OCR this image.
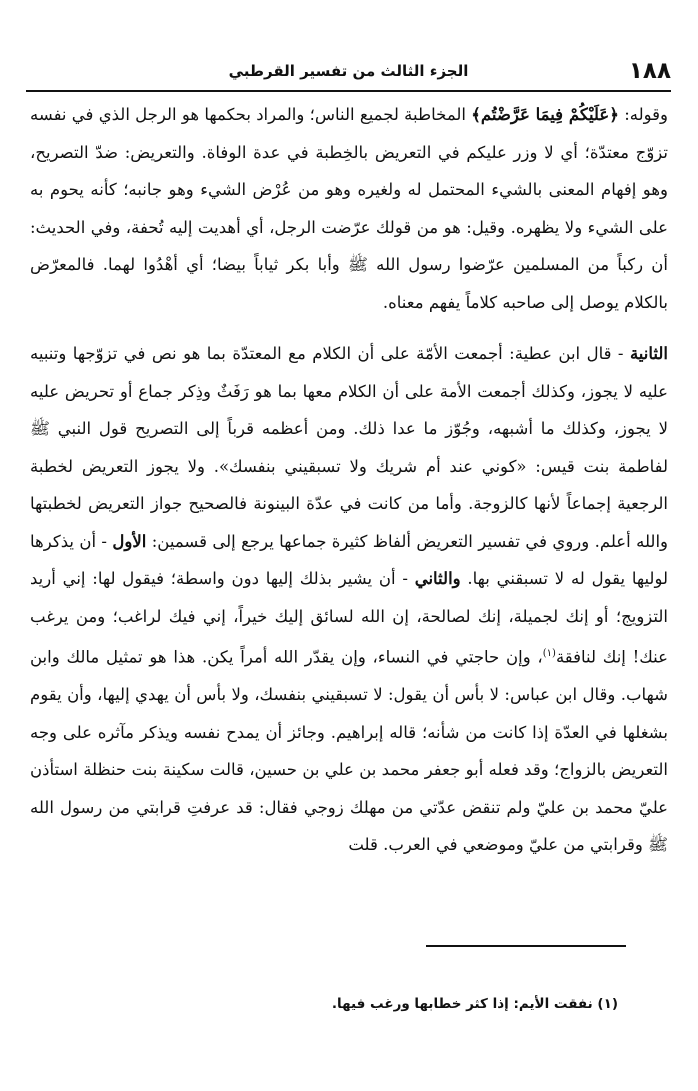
١٨٨
الجزء الثالث من تفسير القرطبي

وقوله: ﴿عَلَيْكُمْ فِيمَا عَرَّضْتُم﴾ المخاطبة لجميع الناس؛ والمراد بحكمها هو الرجل الذي في نفسه تزوّج معتدّة؛ أي لا وزر عليكم في التعريض بالخِطبة في عدة الوفاة. والتعريض: ضدّ التصريح، وهو إفهام المعنى بالشيء المحتمل له ولغيره وهو من عُرْض الشيء وهو جانبه؛ كأنه يحوم به على الشيء ولا يظهره. وقيل: هو من قولك عرّضت الرجل، أي أهديت إليه تُحفة، وفي الحديث: أن ركباً من المسلمين عرّضوا رسول الله ﷺ وأبا بكر ثياباً بيضا؛ أي أهْدُوا لهما. فالمعرّض بالكلام يوصل إلى صاحبه كلاماً يفهم معناه.

الثانية - قال ابن عطية: أجمعت الأمّة على أن الكلام مع المعتدّة بما هو نص في تزوّجها وتنبيه عليه لا يجوز، وكذلك أجمعت الأمة على أن الكلام معها بما هو رَفَثٌ وذِكر جماع أو تحريض عليه لا يجوز، وكذلك ما أشبهه، وجُوّز ما عدا ذلك. ومن أعظمه قرباً إلى التصريح قول النبي ﷺ لفاطمة بنت قيس: «كوني عند أم شريك ولا تسبقيني بنفسك». ولا يجوز التعريض لخطبة الرجعية إجماعاً لأنها كالزوجة. وأما من كانت في عدّة البينونة فالصحيح جواز التعريض لخطبتها والله أعلم. وروي في تفسير التعريض ألفاظ كثيرة جماعها يرجع إلى قسمين: الأول - أن يذكرها لوليها يقول له لا تسبقني بها. والثاني - أن يشير بذلك إليها دون واسطة؛ فيقول لها: إني أريد التزويج؛ أو إنك لجميلة، إنك لصالحة، إن الله لسائق إليك خيراً، إني فيك لراغب؛ ومن يرغب عنك! إنك لنافقة$^{(١)}$، وإن حاجتي في النساء، وإن يقدّر الله أمراً يكن. هذا هو تمثيل مالك وابن شهاب. وقال ابن عباس: لا بأس أن يقول: لا تسبقيني بنفسك، ولا بأس أن يهدي إليها، وأن يقوم بشغلها في العدّة إذا كانت من شأنه؛ قاله إبراهيم. وجائز أن يمدح نفسه ويذكر مآثره على وجه التعريض بالزواج؛ وقد فعله أبو جعفر محمد بن علي بن حسين، قالت سكينة بنت حنظلة استأذن عليّ محمد بن عليّ ولم تنقض عدّتي من مهلك زوجي فقال: قد عرفتِ قرابتي من رسول الله ﷺ وقرابتي من عليّ وموضعي في العرب. قلت

(١) نفقت الأيم: إذا كثر خطابها ورغب فيها.
